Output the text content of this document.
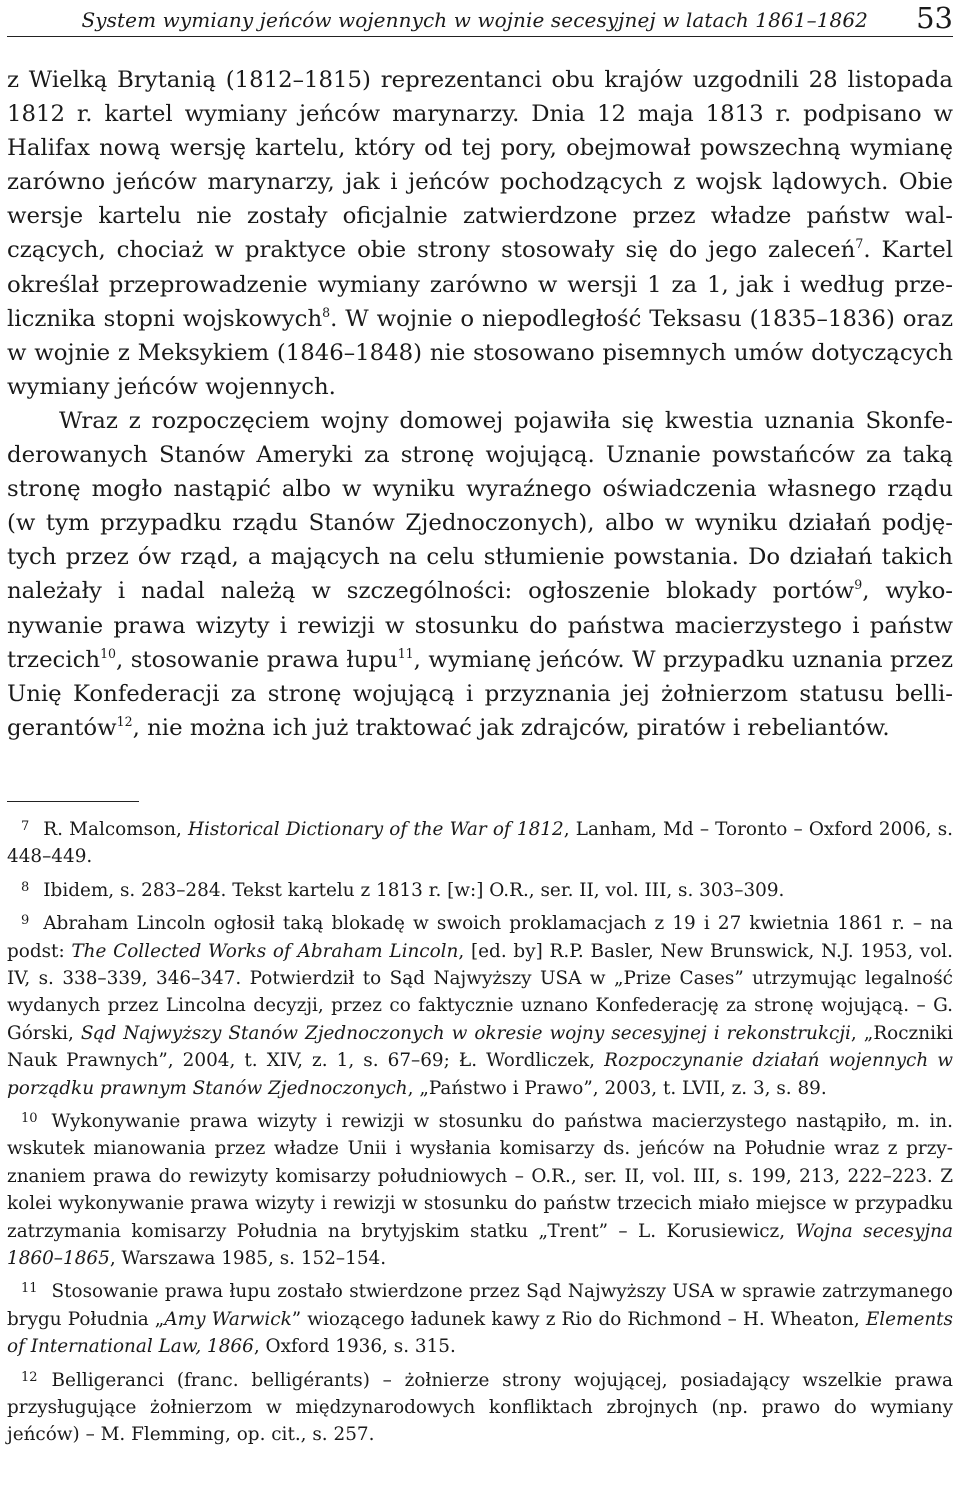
System wymiany jeńców wojennych w wojnie secesyjnej w latach 1861–1862 53

z Wielką Brytanią (1812–1815) reprezentanci obu krajów uzgodnili 28 listopada 1812 r. kartel wymiany jeńców marynarzy. Dnia 12 maja 1813 r. podpisano w Halifax nową wersję kartelu, który od tej pory, obejmował powszechną wymianę zarówno jeńców marynarzy, jak i jeńców pochodzących z wojsk lądowych. Obie wersje kartelu nie zostały oficjalnie zatwierdzone przez władze państw walczących, chociaż w praktyce obie strony stosowały się do jego zaleceń$^7$. Kartel określał przeprowadzenie wymiany zarówno w wersji 1 za 1, jak i według przelicznika stopni wojskowych$^8$. W wojnie o niepodległość Teksasu (1835–1836) oraz w wojnie z Meksykiem (1846–1848) nie stosowano pisemnych umów dotyczących wymiany jeńców wojennych.

Wraz z rozpoczęciem wojny domowej pojawiła się kwestia uznania Skonfederowanych Stanów Ameryki za stronę wojującą. Uznanie powstańców za taką stronę mogło nastąpić albo w wyniku wyraźnego oświadczenia własnego rządu (w tym przypadku rządu Stanów Zjednoczonych), albo w wyniku działań podjętych przez ów rząd, a mających na celu stłumienie powstania. Do działań takich należały i nadal należą w szczególności: ogłoszenie blokady portów$^9$, wykonywanie prawa wizyty i rewizji w stosunku do państwa macierzystego i państw trzecich$^{10}$, stosowanie prawa łupu$^{11}$, wymianę jeńców. W przypadku uznania przez Unię Konfederacji za stronę wojującą i przyznania jej żołnierzom statusu belligerantów$^{12}$, nie można ich już traktować jak zdrajców, piratów i rebeliantów.

7 R. Malcomson, Historical Dictionary of the War of 1812, Lanham, Md – Toronto – Oxford 2006, s. 448–449.

8 Ibidem, s. 283–284. Tekst kartelu z 1813 r. [w:] O.R., ser. II, vol. III, s. 303–309.

9 Abraham Lincoln ogłosił taką blokadę w swoich proklamacjach z 19 i 27 kwietnia 1861 r. – na podst: The Collected Works of Abraham Lincoln, [ed. by] R.P. Basler, New Brunswick, N.J. 1953, vol. IV, s. 338–339, 346–347. Potwierdził to Sąd Najwyższy USA w „Prize Cases” utrzymując legalność wydanych przez Lincolna decyzji, przez co faktycznie uznano Konfederację za stronę wojującą. – G. Górski, Sąd Najwyższy Stanów Zjednoczonych w okresie wojny secesyjnej i rekonstrukcji, „Roczniki Nauk Prawnych”, 2004, t. XIV, z. 1, s. 67–69; Ł. Wordliczek, Rozpoczynanie działań wojennych w porządku prawnym Stanów Zjednoczonych, „Państwo i Prawo”, 2003, t. LVII, z. 3, s. 89.

10 Wykonywanie prawa wizyty i rewizji w stosunku do państwa macierzystego nastąpiło, m. in. wskutek mianowania przez władze Unii i wysłania komisarzy ds. jeńców na Południe wraz z przyznaniem prawa do rewizyty komisarzy południowych – O.R., ser. II, vol. III, s. 199, 213, 222–223. Z kolei wykonywanie prawa wizyty i rewizji w stosunku do państw trzecich miało miejsce w przypadku zatrzymania komisarzy Południa na brytyjskim statku „Trent” – L. Korusiewicz, Wojna secesyjna 1860–1865, Warszawa 1985, s. 152–154.

11 Stosowanie prawa łupu zostało stwierdzone przez Sąd Najwyższy USA w sprawie zatrzymanego brygu Południa „Amy Warwick” wiozącego ładunek kawy z Rio do Richmond – H. Wheaton, Elements of International Law, 1866, Oxford 1936, s. 315.

12 Belligeranci (franc. belligérants) – żołnierze strony wojującej, posiadający wszelkie prawa przysługujące żołnierzom w międzynarodowych konfliktach zbrojnych (np. prawo do wymiany jeńców) – M. Flemming, op. cit., s. 257.
